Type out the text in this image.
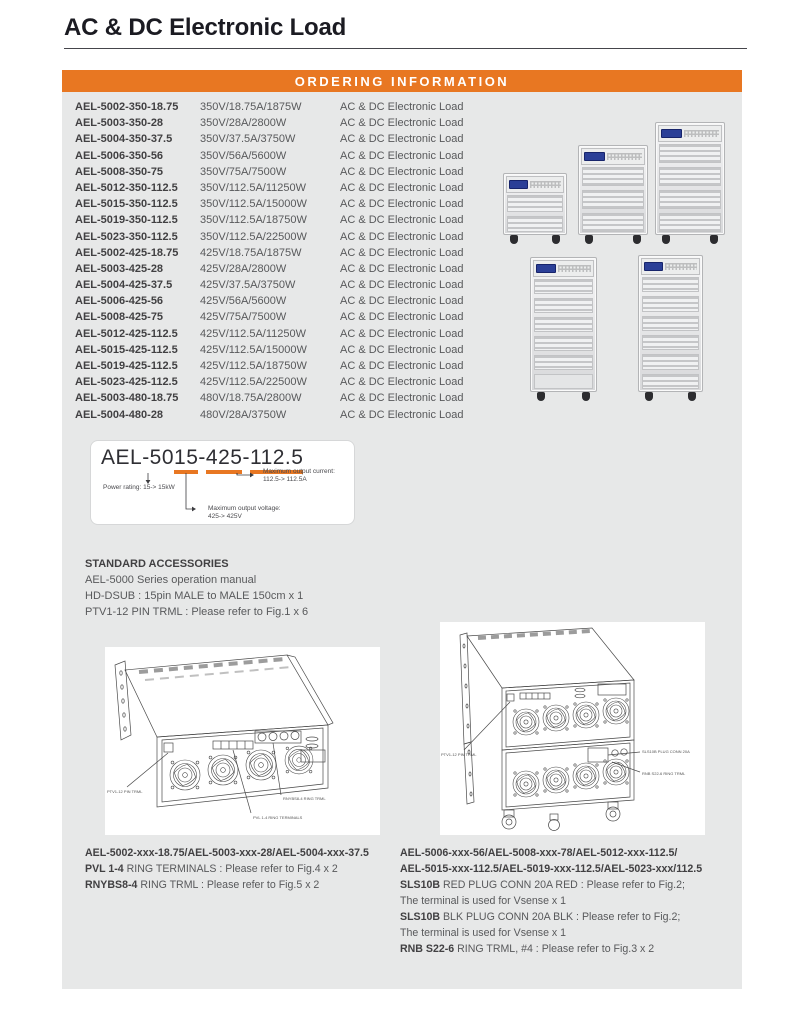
AC & DC Electronic Load
ORDERING INFORMATION
AEL-5002-350-18.75	350V/18.75A/1875W	AC & DC Electronic Load
AEL-5003-350-28	350V/28A/2800W	AC & DC Electronic Load
AEL-5004-350-37.5	350V/37.5A/3750W	AC & DC Electronic Load
AEL-5006-350-56	350V/56A/5600W	AC & DC Electronic Load
AEL-5008-350-75	350V/75A/7500W	AC & DC Electronic Load
AEL-5012-350-112.5	350V/112.5A/11250W	AC & DC Electronic Load
AEL-5015-350-112.5	350V/112.5A/15000W	AC & DC Electronic Load
AEL-5019-350-112.5	350V/112.5A/18750W	AC & DC Electronic Load
AEL-5023-350-112.5	350V/112.5A/22500W	AC & DC Electronic Load
AEL-5002-425-18.75	425V/18.75A/1875W	AC & DC Electronic Load
AEL-5003-425-28	425V/28A/2800W	AC & DC Electronic Load
AEL-5004-425-37.5	425V/37.5A/3750W	AC & DC Electronic Load
AEL-5006-425-56	425V/56A/5600W	AC & DC Electronic Load
AEL-5008-425-75	425V/75A/7500W	AC & DC Electronic Load
AEL-5012-425-112.5	425V/112.5A/11250W	AC & DC Electronic Load
AEL-5015-425-112.5	425V/112.5A/15000W	AC & DC Electronic Load
AEL-5019-425-112.5	425V/112.5A/18750W	AC & DC Electronic Load
AEL-5023-425-112.5	425V/112.5A/22500W	AC & DC Electronic Load
AEL-5003-480-18.75	480V/18.75A/2800W	AC & DC Electronic Load
AEL-5004-480-28	480V/28A/3750W	AC & DC Electronic Load
AEL-5015-425-112.5
Power rating: 15-> 15kW
Maximum output voltage:
425-> 425V
Maximum output current:
112.5-> 112.5A
STANDARD ACCESSORIES
AEL-5000 Series operation manual
HD-DSUB : 15pin MALE to MALE 150cm x 1
PTV1-12 PIN TRML : Please refer to Fig.1 x 6
PTV1-12 PIN TRML
PVL 1-4 RING TERMINALS
RNYBS8-4 RING TRML
PTV1-12 PIN TRML
SLS10B PLUG CONN 20A
RNB S22-6 RING TRML
AEL-5002-xxx-18.75/AEL-5003-xxx-28/AEL-5004-xxx-37.5
PVL 1-4 RING TERMINALS : Please refer to Fig.4 x 2
RNYBS8-4 RING TRML : Please refer to Fig.5 x 2
AEL-5006-xxx-56/AEL-5008-xxx-78/AEL-5012-xxx-112.5/
AEL-5015-xxx-112.5/AEL-5019-xxx-112.5/AEL-5023-xxx/112.5
SLS10B RED PLUG CONN 20A RED : Please refer to Fig.2;
The terminal is used for Vsense x 1
SLS10B BLK PLUG CONN 20A BLK : Please refer to Fig.2;
The terminal is used for Vsense x 1
RNB S22-6 RING TRML, #4 : Please refer to Fig.3 x 2
